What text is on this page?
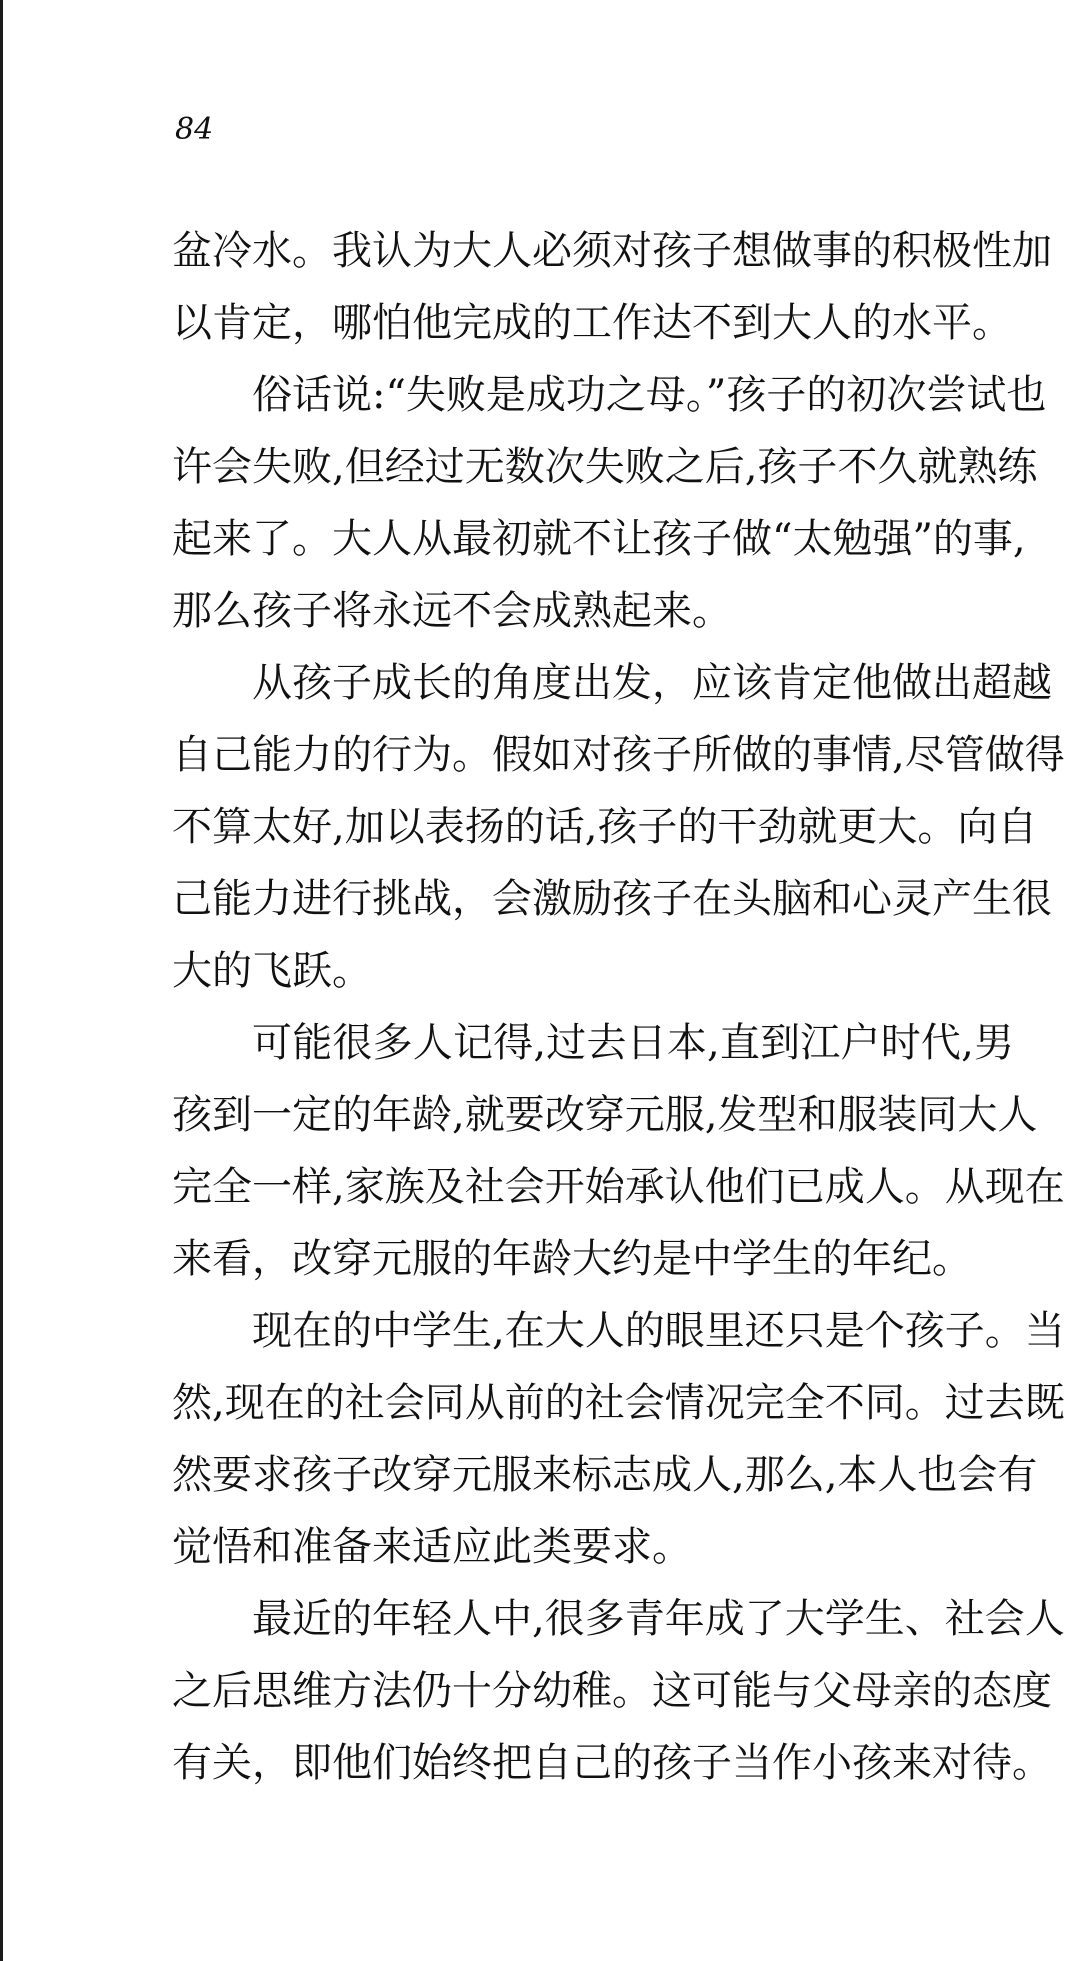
84
盆冷水。我认为大人必须对孩子想做事的积极性加
以肯定，哪怕他完成的工作达不到大人的水平。
俗话说:“失败是成功之母。”孩子的初次尝试也
许会失败,但经过无数次失败之后,孩子不久就熟练
起来了。大人从最初就不让孩子做“太勉强”的事,
那么孩子将永远不会成熟起来。
从孩子成长的角度出发，应该肯定他做出超越
自己能力的行为。假如对孩子所做的事情,尽管做得
不算太好,加以表扬的话,孩子的干劲就更大。向自
己能力进行挑战，会激励孩子在头脑和心灵产生很
大的飞跃。
可能很多人记得,过去日本,直到江户时代,男
孩到一定的年龄,就要改穿元服,发型和服装同大人
完全一样,家族及社会开始承认他们已成人。从现在
来看，改穿元服的年龄大约是中学生的年纪。
现在的中学生,在大人的眼里还只是个孩子。当
然,现在的社会同从前的社会情况完全不同。过去既
然要求孩子改穿元服来标志成人,那么,本人也会有
觉悟和准备来适应此类要求。
最近的年轻人中,很多青年成了大学生、社会人
之后思维方法仍十分幼稚。这可能与父母亲的态度
有关，即他们始终把自己的孩子当作小孩来对待。
